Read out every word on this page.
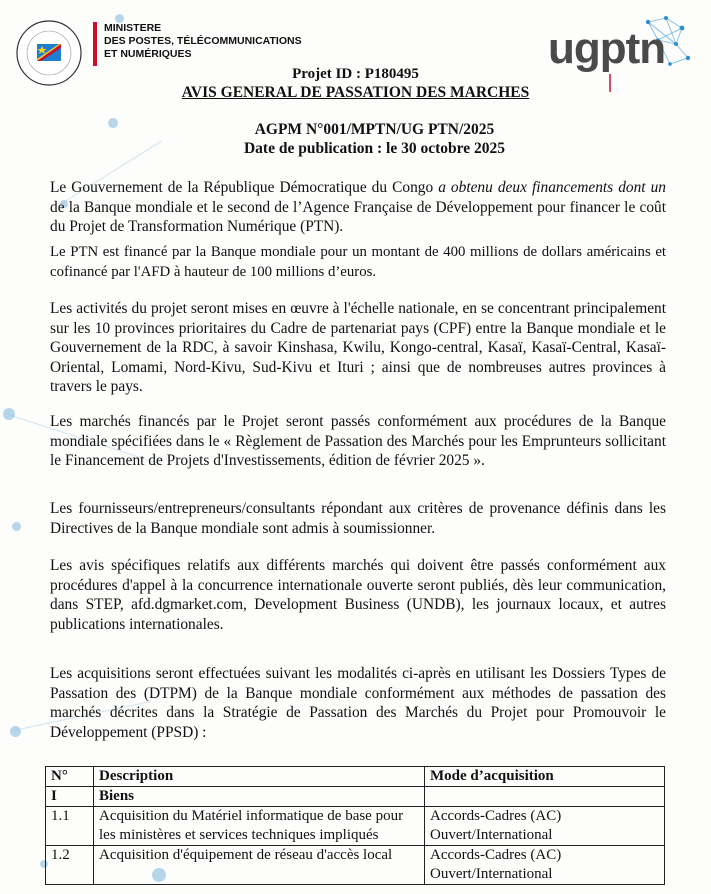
MINISTERE
DES POSTES, TÉLÉCOMMUNICATIONS
ET NUMÉRIQUES	ugptn
Projet ID : P180495
AVIS GENERAL DE PASSATION DES MARCHES
AGPM N°001/MPTN/UG PTN/2025
Date de publication : le 30 octobre 2025
Le Gouvernement de la République Démocratique du Congo a obtenu deux financements dont un de la Banque mondiale et le second de l’Agence Française de Développement pour financer le coût du Projet de Transformation Numérique (PTN).
Le PTN est financé par la Banque mondiale pour un montant de 400 millions de dollars américains et cofinancé par l'AFD à hauteur de 100 millions d’euros.
Les activités du projet seront mises en œuvre à l'échelle nationale, en se concentrant principalement sur les 10 provinces prioritaires du Cadre de partenariat pays (CPF) entre la Banque mondiale et le Gouvernement de la RDC, à savoir Kinshasa, Kwilu, Kongo-central, Kasaï, Kasaï-Central, Kasaï-Oriental, Lomami, Nord-Kivu, Sud-Kivu et Ituri ; ainsi que de nombreuses autres provinces à travers le pays.
Les marchés financés par le Projet seront passés conformément aux procédures de la Banque mondiale spécifiées dans le « Règlement de Passation des Marchés pour les Emprunteurs sollicitant le Financement de Projets d'Investissements, édition de février 2025 ».
Les fournisseurs/entrepreneurs/consultants répondant aux critères de provenance définis dans les Directives de la Banque mondiale sont admis à soumissionner.
Les avis spécifiques relatifs aux différents marchés qui doivent être passés conformément aux procédures d'appel à la concurrence internationale ouverte seront publiés, dès leur communication, dans STEP, afd.dgmarket.com, Development Business (UNDB), les journaux locaux, et autres publications internationales.
Les acquisitions seront effectuées suivant les modalités ci-après en utilisant les Dossiers Types de Passation des (DTPM) de la Banque mondiale conformément aux méthodes de passation des marchés décrites dans la Stratégie de Passation des Marchés du Projet pour Promouvoir le Développement (PPSD) :
N°	Description	Mode d’acquisition
I	Biens	
1.1	Acquisition du Matériel informatique de base pour les ministères et services techniques impliqués	Accords-Cadres (AC)
Ouvert/International

1.2	Acquisition d'équipement de réseau d'accès local	Accords-Cadres (AC)
Ouvert/International
